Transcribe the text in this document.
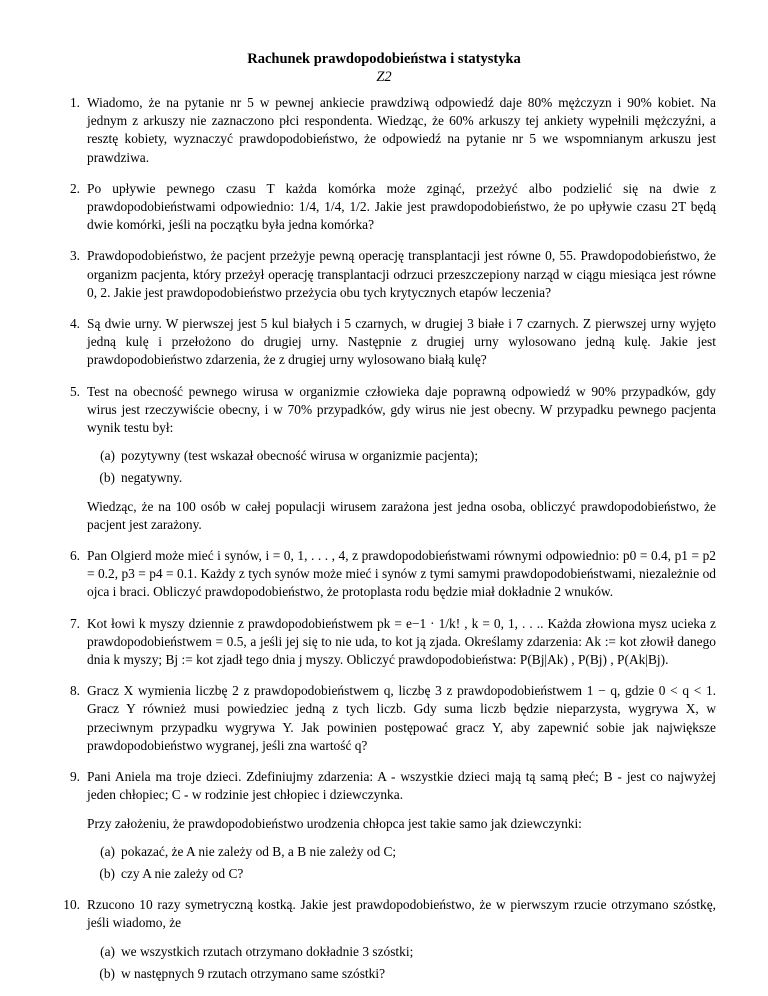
Rachunek prawdopodobieństwa i statystyka
Z2
1. Wiadomo, że na pytanie nr 5 w pewnej ankiecie prawdziwą odpowiedź daje 80% mężczyzn i 90% kobiet. Na jednym z arkuszy nie zaznaczono płci respondenta. Wiedząc, że 60% arkuszy tej ankiety wypełnili mężczyźni, a resztę kobiety, wyznaczyć prawdopodobieństwo, że odpowiedź na pytanie nr 5 we wspomnianym arkuszu jest prawdziwa.

2. Po upływie pewnego czasu T każda komórka może zginąć, przeżyć albo podzielić się na dwie z prawdopodobieństwami odpowiednio: 1/4, 1/4, 1/2. Jakie jest prawdopodobieństwo, że po upływie czasu 2T będą dwie komórki, jeśli na początku była jedna komórka?

3. Prawdopodobieństwo, że pacjent przeżyje pewną operację transplantacji jest równe 0, 55. Prawdopodobieństwo, że organizm pacjenta, który przeżył operację transplantacji odrzuci przeszczepiony narząd w ciągu miesiąca jest równe 0, 2. Jakie jest prawdopodobieństwo przeżycia obu tych krytycznych etapów leczenia?

4. Są dwie urny. W pierwszej jest 5 kul białych i 5 czarnych, w drugiej 3 białe i 7 czarnych. Z pierwszej urny wyjęto jedną kulę i przełożono do drugiej urny. Następnie z drugiej urny wylosowano jedną kulę. Jakie jest prawdopodobieństwo zdarzenia, że z drugiej urny wylosowano białą kulę?

5. Test na obecność pewnego wirusa w organizmie człowieka daje poprawną odpowiedź w 90% przypadków, gdy wirus jest rzeczywiście obecny, i w 70% przypadków, gdy wirus nie jest obecny. W przypadku pewnego pacjenta wynik testu był:

(a) pozytywny (test wskazał obecność wirusa w organizmie pacjenta);
(b) negatywny.

Wiedząc, że na 100 osób w całej populacji wirusem zarażona jest jedna osoba, obliczyć prawdopodobieństwo, że pacjent jest zarażony.

6. Pan Olgierd może mieć i synów, i = 0, 1, . . . , 4, z prawdopodobieństwami równymi odpowiednio: p0 = 0.4, p1 = p2 = 0.2, p3 = p4 = 0.1. Każdy z tych synów może mieć i synów z tymi samymi prawdopodobieństwami, niezależnie od ojca i braci. Obliczyć prawdopodobieństwo, że protoplasta rodu będzie miał dokładnie 2 wnuków.

7. Kot łowi k myszy dziennie z prawdopodobieństwem pk = e−1 · 1/k! , k = 0, 1, . . .. Każda złowiona mysz ucieka z prawdopodobieństwem = 0.5, a jeśli jej się to nie uda, to kot ją zjada. Określamy zdarzenia: Ak := kot złowił danego dnia k myszy; Bj := kot zjadł tego dnia j myszy. Obliczyć prawdopodobieństwa: P(Bj|Ak) , P(Bj) , P(Ak|Bj).

8. Gracz X wymienia liczbę 2 z prawdopodobieństwem q, liczbę 3 z prawdopodobieństwem 1 − q, gdzie 0 < q < 1. Gracz Y również musi powiedziec jedną z tych liczb. Gdy suma liczb będzie nieparzysta, wygrywa X, w przeciwnym przypadku wygrywa Y. Jak powinien postępować gracz Y, aby zapewnić sobie jak największe prawdopodobieństwo wygranej, jeśli zna wartość q?

9. Pani Aniela ma troje dzieci. Zdefiniujmy zdarzenia: A - wszystkie dzieci mają tą samą płeć; B - jest co najwyżej jeden chłopiec; C - w rodzinie jest chłopiec i dziewczynka.

Przy założeniu, że prawdopodobieństwo urodzenia chłopca jest takie samo jak dziewczynki:

(a) pokazać, że A nie zależy od B, a B nie zależy od C;
(b) czy A nie zależy od C?
10. Rzucono 10 razy symetryczną kostką. Jakie jest prawdopodobieństwo, że w pierwszym rzucie otrzymano szóstkę, jeśli wiadomo, że

(a) we wszystkich rzutach otrzymano dokładnie 3 szóstki;
(b) w następnych 9 rzutach otrzymano same szóstki?
